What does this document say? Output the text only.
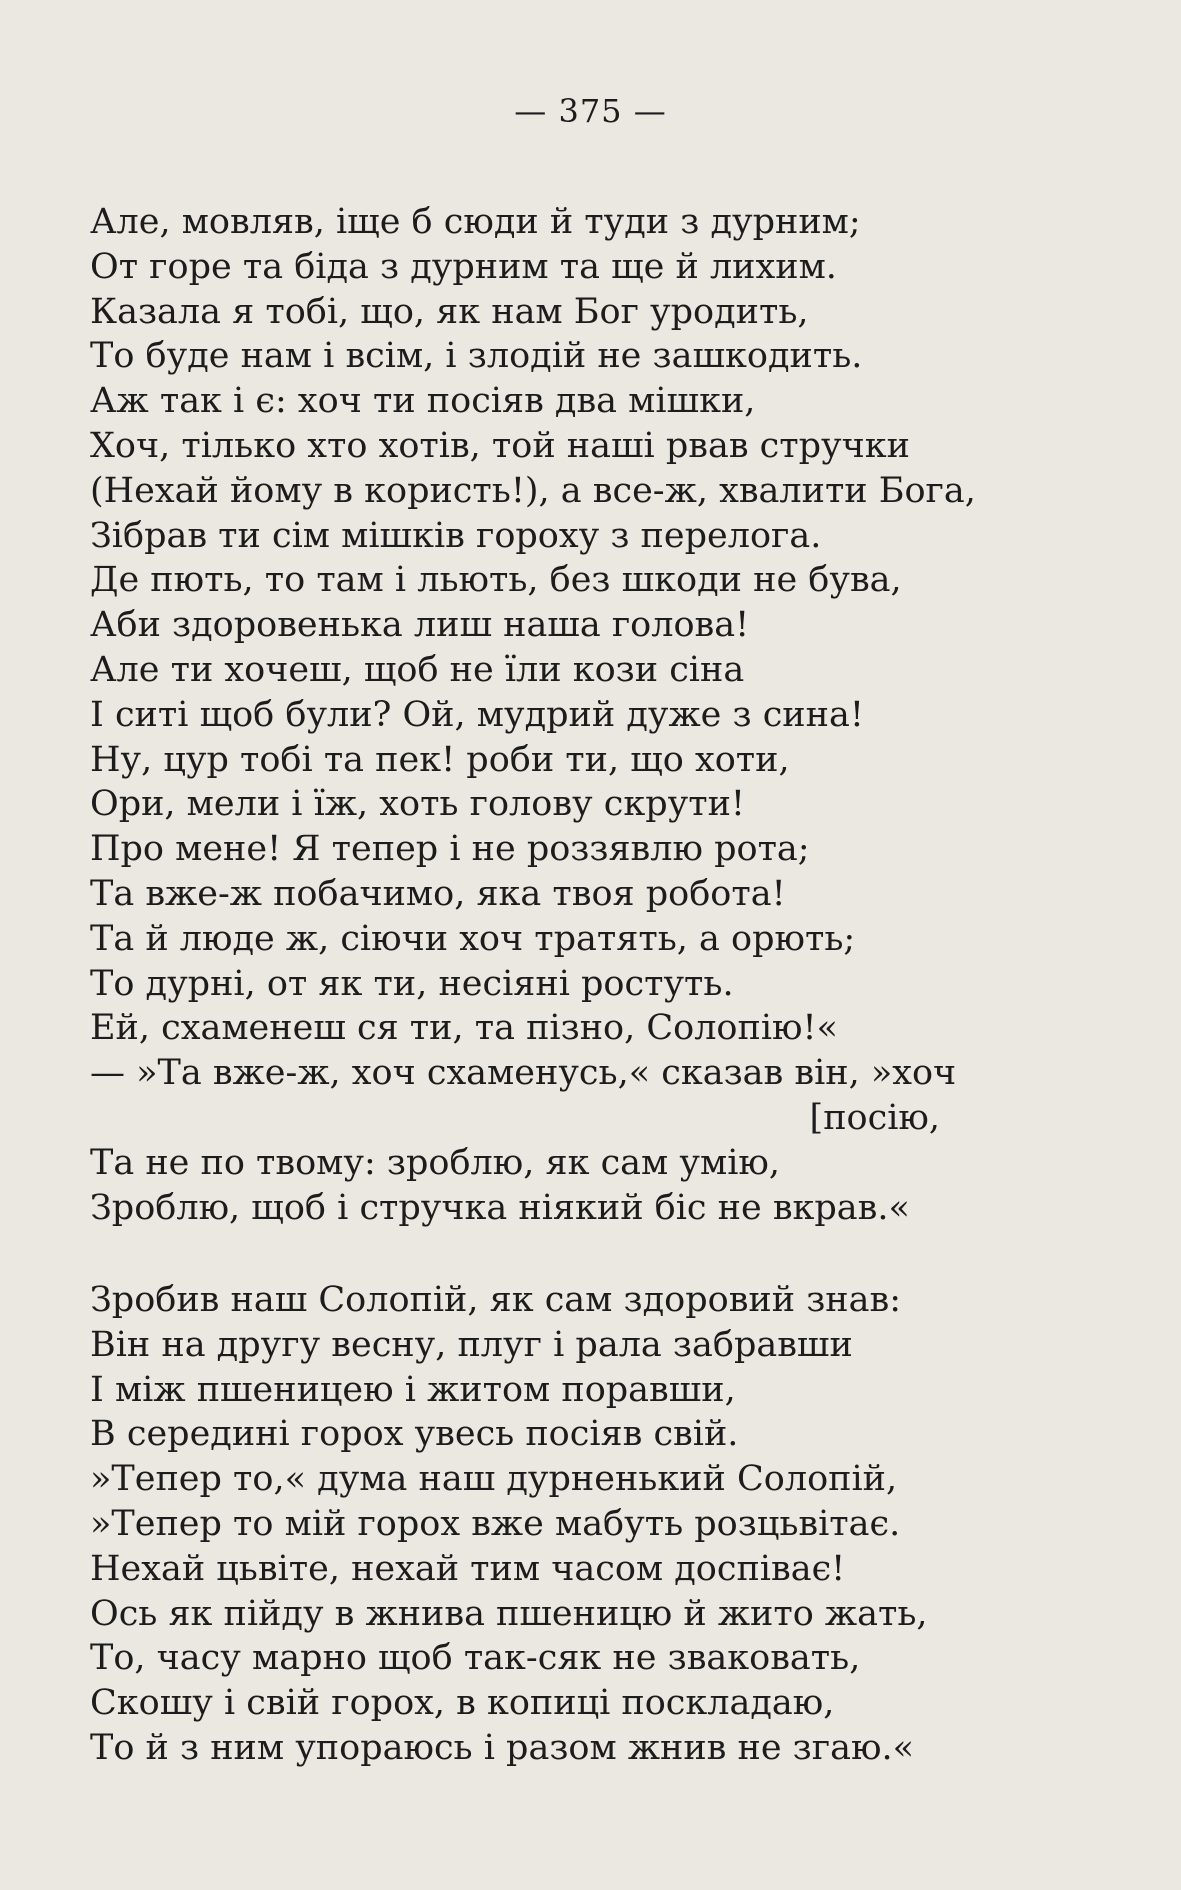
— 375 —
Але, мовляв, іще б сюди й туди з дурним;
От горе та біда з дурним та ще й лихим.
Казала я тобі, що, як нам Бог уродить,
То буде нам і всім, і злодій не зашкодить.
Аж так і є: хоч ти посіяв два мішки,
Хоч, тілько хто хотів, той наші рвав стручки
(Нехай йому в користь!), а все-ж, хвалити Бога,
Зібрав ти сім мішків гороху з перелога.
Де пють, то там і льють, без шкоди не бува,
Аби здоровенька лиш наша голова!
Але ти хочеш, щоб не їли кози сіна
І ситі щоб були? Ой, мудрий дуже з сина!
Ну, цур тобі та пек! роби ти, що хоти,
Ори, мели і їж, хоть голову скрути!
Про мене! Я тепер і не роззявлю рота;
Та вже-ж побачимо, яка твоя робота!
Та й люде ж, сіючи хоч тратять, а орють;
То дурні, от як ти, несіяні ростуть.
Ей, схаменеш ся ти, та пізно, Солопію!«
— »Та вже-ж, хоч схаменусь,« сказав він, »хоч
[посію,
Та не по твому: зроблю, як сам умію,
Зроблю, щоб і стручка ніякий біс не вкрав.«
Зробив наш Солопій, як сам здоровий знав:
Він на другу весну, плуг і рала забравши
І між пшеницею і житом поравши,
В середині горох увесь посіяв свій.
»Тепер то,« дума наш дурненький Солопій,
»Тепер то мій горох вже мабуть розцьвітає.
Нехай цьвіте, нехай тим часом доспіває!
Ось як пійду в жнива пшеницю й жито жать,
То, часу марно щоб так-сяк не зваковать,
Скошу і свій горох, в копиці поскладаю,
То й з ним упораюсь і разом жнив не згаю.«
